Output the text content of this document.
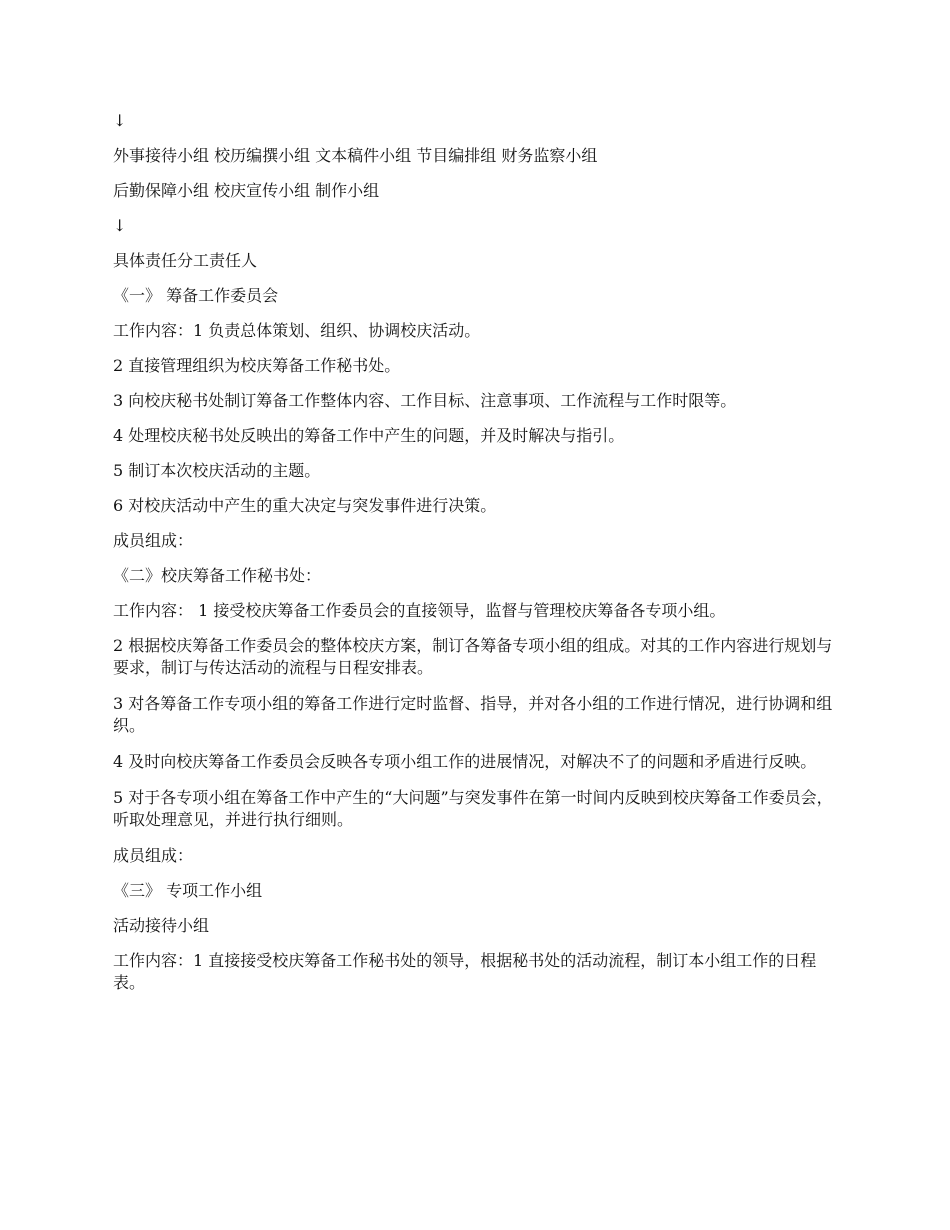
↓

外事接待小组 校历编撰小组 文本稿件小组 节目编排组 财务监察小组

后勤保障小组 校庆宣传小组 制作小组

↓

具体责任分工责任人

《一》 筹备工作委员会

工作内容：1 负责总体策划、组织、协调校庆活动。

2 直接管理组织为校庆筹备工作秘书处。

3 向校庆秘书处制订筹备工作整体内容、工作目标、注意事项、工作流程与工作时限等。

4 处理校庆秘书处反映出的筹备工作中产生的问题，并及时解决与指引。

5 制订本次校庆活动的主题。

6 对校庆活动中产生的重大决定与突发事件进行决策。

成员组成：

《二》校庆筹备工作秘书处：

工作内容： 1 接受校庆筹备工作委员会的直接领导，监督与管理校庆筹备各专项小组。

2 根据校庆筹备工作委员会的整体校庆方案，制订各筹备专项小组的组成。对其的工作内容进行规划与要求，制订与传达活动的流程与日程安排表。

3 对各筹备工作专项小组的筹备工作进行定时监督、指导，并对各小组的工作进行情况，进行协调和组织。

4 及时向校庆筹备工作委员会反映各专项小组工作的进展情况，对解决不了的问题和矛盾进行反映。

5 对于各专项小组在筹备工作中产生的“大问题”与突发事件在第一时间内反映到校庆筹备工作委员会，听取处理意见，并进行执行细则。

成员组成：

《三》 专项工作小组

活动接待小组

工作内容：1 直接接受校庆筹备工作秘书处的领导，根据秘书处的活动流程，制订本小组工作的日程表。
